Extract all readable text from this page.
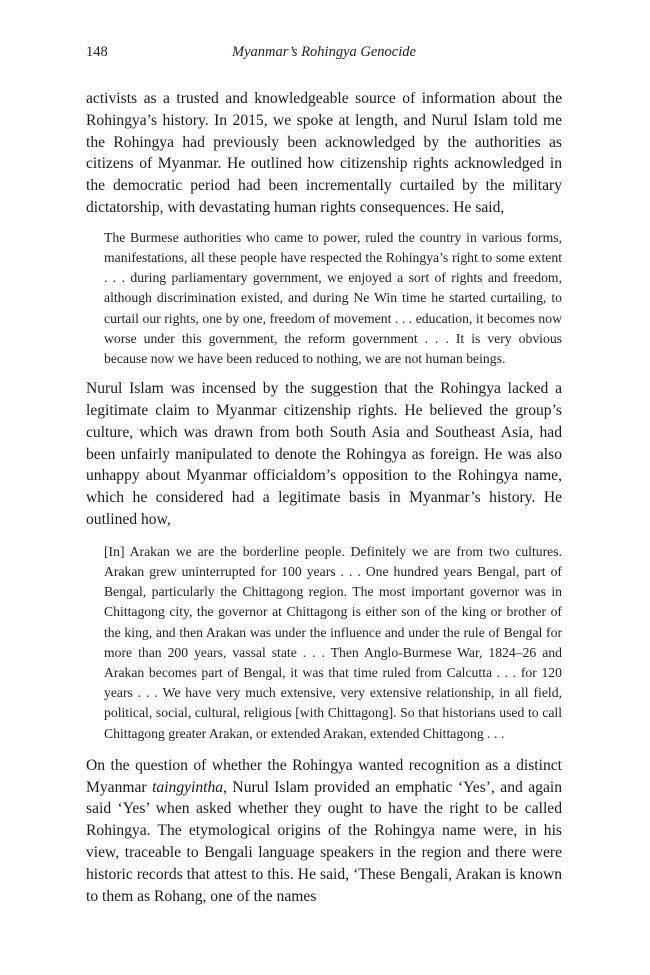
148	Myanmar’s Rohingya Genocide

activists as a trusted and knowledgeable source of information about the Rohingya’s history. In 2015, we spoke at length, and Nurul Islam told me the Rohingya had previously been acknowledged by the authorities as citizens of Myanmar. He outlined how citizenship rights acknowledged in the democratic period had been incrementally curtailed by the military dictatorship, with devastating human rights consequences. He said,

The Burmese authorities who came to power, ruled the country in various forms, manifestations, all these people have respected the Rohingya’s right to some extent . . . during parliamentary government, we enjoyed a sort of rights and freedom, although discrimination existed, and during Ne Win time he started curtailing, to curtail our rights, one by one, freedom of movement . . . education, it becomes now worse under this government, the reform government . . . It is very obvious because now we have been reduced to nothing, we are not human beings.

Nurul Islam was incensed by the suggestion that the Rohingya lacked a legitimate claim to Myanmar citizenship rights. He believed the group’s culture, which was drawn from both South Asia and Southeast Asia, had been unfairly manipulated to denote the Rohingya as foreign. He was also unhappy about Myanmar officialdom’s opposition to the Rohingya name, which he considered had a legitimate basis in Myanmar’s history. He outlined how,

[In] Arakan we are the borderline people. Definitely we are from two cultures. Arakan grew uninterrupted for 100 years . . . One hundred years Bengal, part of Bengal, particularly the Chittagong region. The most important governor was in Chittagong city, the governor at Chittagong is either son of the king or brother of the king, and then Arakan was under the influence and under the rule of Bengal for more than 200 years, vassal state . . . Then Anglo-Burmese War, 1824–26 and Arakan becomes part of Bengal, it was that time ruled from Calcutta . . . for 120 years . . . We have very much extensive, very extensive relationship, in all field, political, social, cultural, religious [with Chittagong]. So that historians used to call Chittagong greater Arakan, or extended Arakan, extended Chittagong . . .

On the question of whether the Rohingya wanted recognition as a distinct Myanmar taingyintha, Nurul Islam provided an emphatic ‘Yes’, and again said ‘Yes’ when asked whether they ought to have the right to be called Rohingya. The etymological origins of the Rohingya name were, in his view, traceable to Bengali language speakers in the region and there were historic records that attest to this. He said, ‘These Bengali, Arakan is known to them as Rohang, one of the names
